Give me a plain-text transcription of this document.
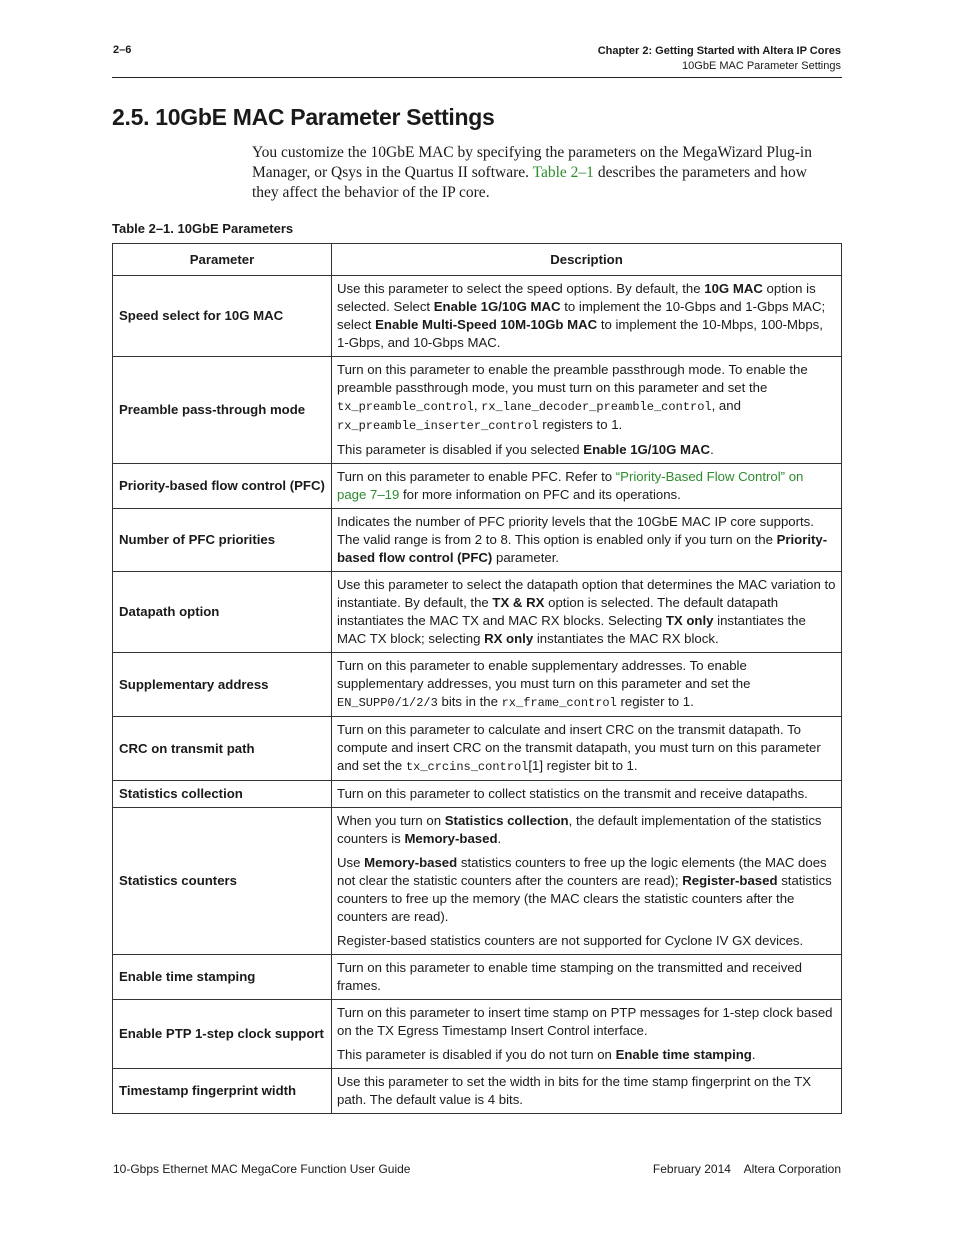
2–6	Chapter 2: Getting Started with Altera IP Cores
10GbE MAC Parameter Settings
2.5. 10GbE MAC Parameter Settings

You customize the 10GbE MAC by specifying the parameters on the MegaWizard Plug-in Manager, or Qsys in the Quartus II software. Table 2–1 describes the parameters and how they affect the behavior of the IP core.

Table 2–1. 10GbE Parameters
Parameter	Description
Speed select for 10G MAC	Use this parameter to select the speed options. By default, the 10G MAC option is selected. Select Enable 1G/10G MAC to implement the 10-Gbps and 1-Gbps MAC; select Enable Multi-Speed 10M-10Gb MAC to implement the 10-Mbps, 100-Mbps, 1-Gbps, and 10-Gbps MAC.

Preamble pass-through mode	Turn on this parameter to enable the preamble passthrough mode. To enable the preamble passthrough mode, you must turn on this parameter and set the tx_preamble_control, rx_lane_decoder_preamble_control, and rx_preamble_inserter_control registers to 1.

This parameter is disabled if you selected Enable 1G/10G MAC.

Priority-based flow control (PFC)	Turn on this parameter to enable PFC. Refer to “Priority-Based Flow Control” on page 7–19 for more information on PFC and its operations.

Number of PFC priorities	Indicates the number of PFC priority levels that the 10GbE MAC IP core supports. The valid range is from 2 to 8. This option is enabled only if you turn on the Priority-based flow control (PFC) parameter.

Datapath option	Use this parameter to select the datapath option that determines the MAC variation to instantiate. By default, the TX & RX option is selected. The default datapath instantiates the MAC TX and MAC RX blocks. Selecting TX only instantiates the MAC TX block; selecting RX only instantiates the MAC RX block.

Supplementary address	Turn on this parameter to enable supplementary addresses. To enable supplementary addresses, you must turn on this parameter and set the EN_SUPP0/1/2/3 bits in the rx_frame_control register to 1.

CRC on transmit path	Turn on this parameter to calculate and insert CRC on the transmit datapath. To compute and insert CRC on the transmit datapath, you must turn on this parameter and set the tx_crcins_control[1] register bit to 1.

Statistics collection	Turn on this parameter to collect statistics on the transmit and receive datapaths.

Statistics counters	When you turn on Statistics collection, the default implementation of the statistics counters is Memory-based.

Use Memory-based statistics counters to free up the logic elements (the MAC does not clear the statistic counters after the counters are read); Register-based statistics counters to free up the memory (the MAC clears the statistic counters after the counters are read).

Register-based statistics counters are not supported for Cyclone IV GX devices.

Enable time stamping	Turn on this parameter to enable time stamping on the transmitted and received frames.

Enable PTP 1-step clock support	Turn on this parameter to insert time stamp on PTP messages for 1-step clock based on the TX Egress Timestamp Insert Control interface.

This parameter is disabled if you do not turn on Enable time stamping.

Timestamp fingerprint width	Use this parameter to set the width in bits for the time stamp fingerprint on the TX path. The default value is 4 bits.

10-Gbps Ethernet MAC MegaCore Function User Guide	February 2014    Altera Corporation
